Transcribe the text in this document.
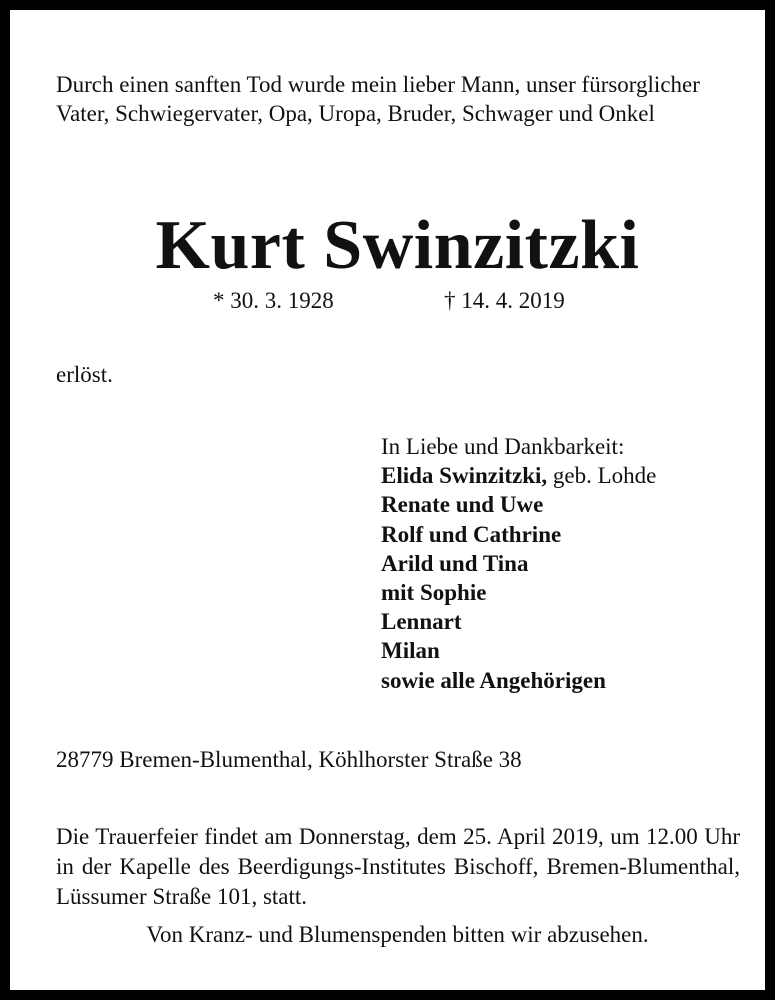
Durch einen sanften Tod wurde mein lieber Mann, unser fürsorglicher Vater, Schwiegervater, Opa, Uropa, Bruder, Schwager und Onkel

Kurt Swinzitzki
* 30. 3. 1928	† 14. 4. 2019
erlöst.
In Liebe und Dankbarkeit:
Elida Swinzitzki, geb. Lohde
Renate und Uwe
Rolf und Cathrine
Arild und Tina
mit Sophie
Lennart
Milan
sowie alle Angehörigen
28779 Bremen-Blumenthal, Köhlhorster Straße 38

Die Trauerfeier findet am Donnerstag, dem 25. April 2019, um 12.00 Uhr in der Kapelle des Beerdigungs-Institutes Bischoff, Bremen-Blumenthal, Lüssumer Straße 101, statt.

Von Kranz- und Blumenspenden bitten wir abzusehen.
